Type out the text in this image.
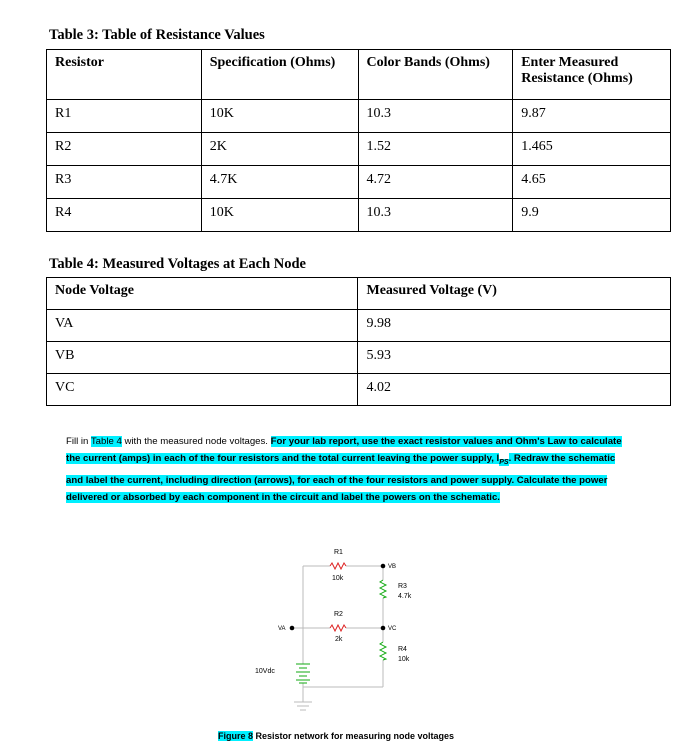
Table 3: Table of Resistance Values
Resistor	Specification (Ohms)	Color Bands (Ohms)	Enter Measured Resistance (Ohms)
R1	10K	10.3	9.87
R2	2K	1.52	1.465
R3	4.7K	4.72	4.65
R4	10K	10.3	9.9
Table 4: Measured Voltages at Each Node
Node Voltage	Measured Voltage (V)
VA	9.98
VB	5.93
VC	4.02
Fill in Table 4 with the measured node voltages. For your lab report, use the exact resistor values and Ohm's Law to calculate the current (amps) in each of the four resistors and the total current leaving the power supply, $I_{PS}$. Redraw the schematic and label the current, including direction (arrows), for each of the four resistors and power supply. Calculate the power delivered or absorbed by each component in the circuit and label the powers on the schematic.
R1
10k
R2
2k
R3
4.7k
R4
10k
VB
VA	VC
10Vdc
Figure 8 Resistor network for measuring node voltages
